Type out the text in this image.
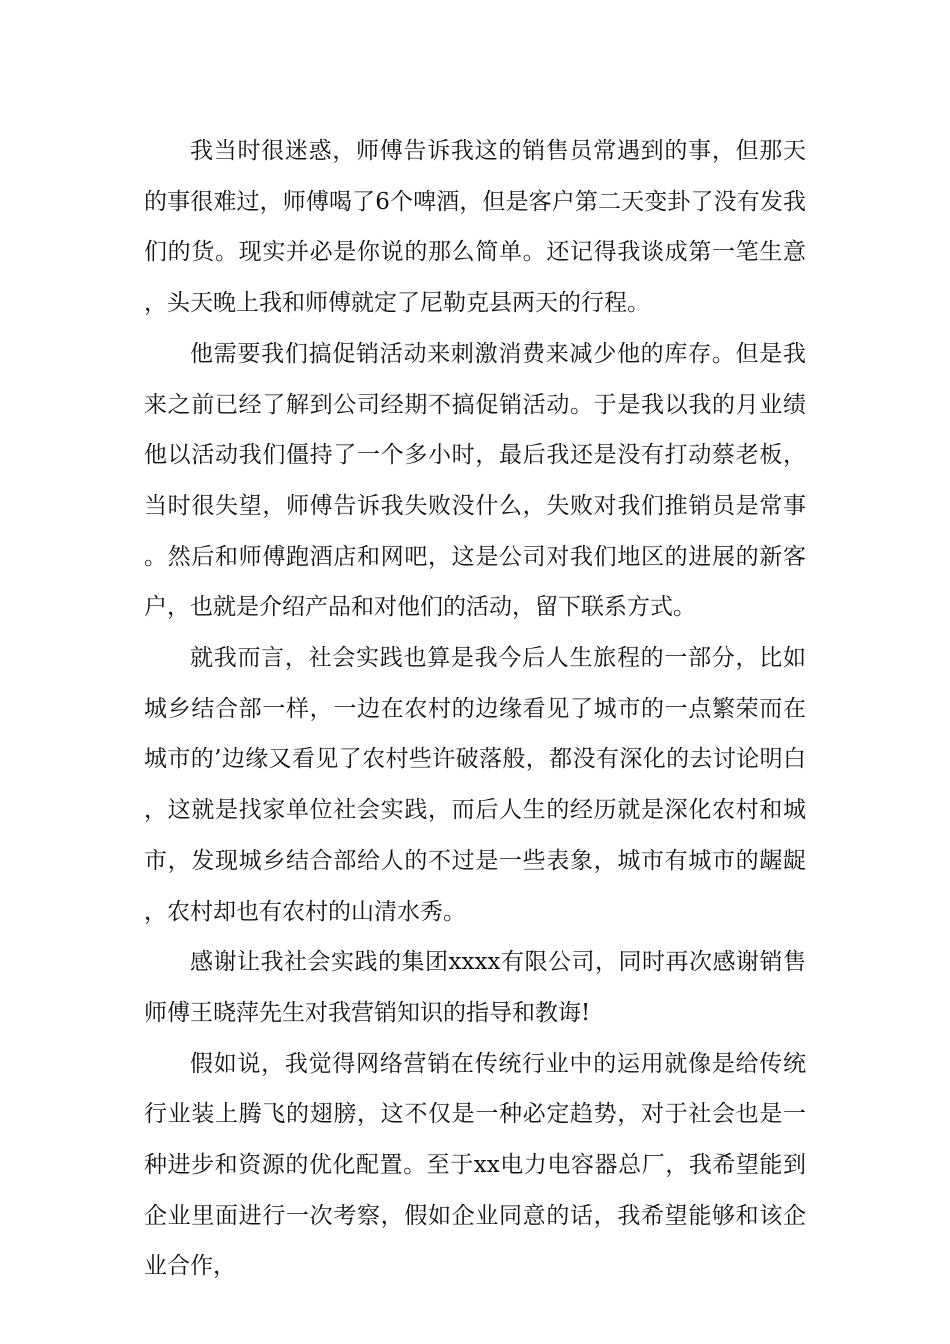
我当时很迷惑，师傅告诉我这的销售员常遇到的事，但那天的事很难过，师傅喝了6个啤酒，但是客户第二天变卦了没有发我们的货。现实并必是你说的那么简单。还记得我谈成第一笔生意，头天晚上我和师傅就定了尼勒克县两天的行程。

他需要我们搞促销活动来刺激消费来减少他的库存。但是我来之前已经了解到公司经期不搞促销活动。于是我以我的月业绩他以活动我们僵持了一个多小时，最后我还是没有打动蔡老板，当时很失望，师傅告诉我失败没什么，失败对我们推销员是常事。然后和师傅跑酒店和网吧，这是公司对我们地区的进展的新客户，也就是介绍产品和对他们的活动，留下联系方式。

就我而言，社会实践也算是我今后人生旅程的一部分，比如城乡结合部一样，一边在农村的边缘看见了城市的一点繁荣而在城市的’边缘又看见了农村些许破落般，都没有深化的去讨论明白，这就是找家单位社会实践，而后人生的经历就是深化农村和城市，发现城乡结合部给人的不过是一些表象，城市有城市的龌龊，农村却也有农村的山清水秀。

感谢让我社会实践的集团xxxx有限公司，同时再次感谢销售师傅王晓萍先生对我营销知识的指导和教诲!

假如说，我觉得网络营销在传统行业中的运用就像是给传统行业装上腾飞的翅膀，这不仅是一种必定趋势，对于社会也是一种进步和资源的优化配置。至于xx电力电容器总厂，我希望能到企业里面进行一次考察，假如企业同意的话，我希望能够和该企业合作，
